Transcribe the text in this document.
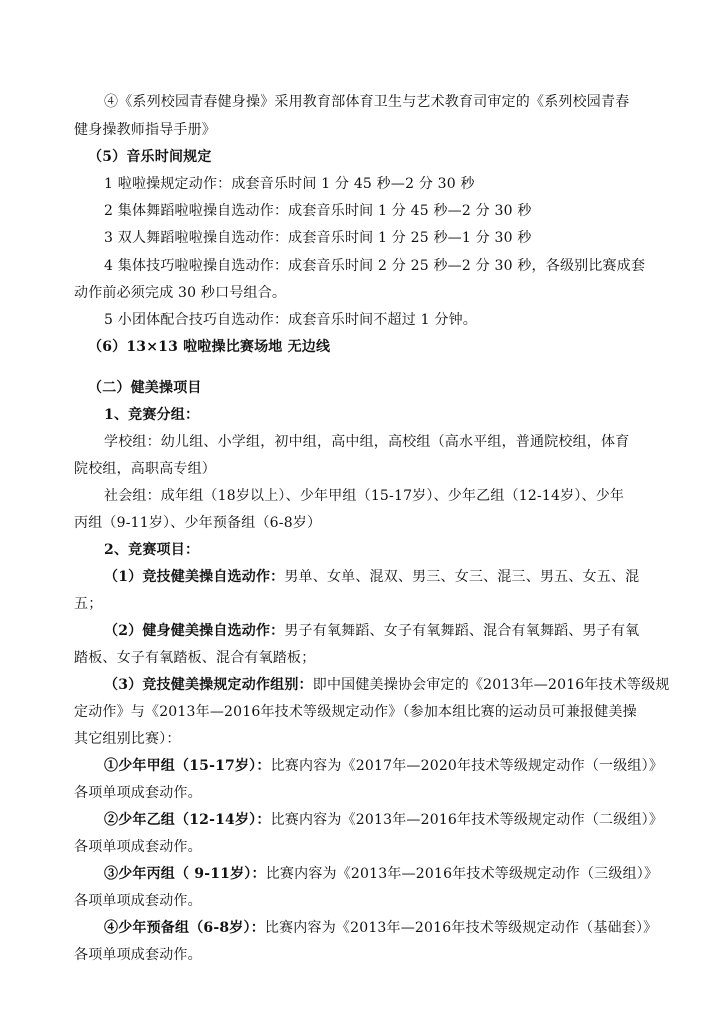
④《系列校园青春健身操》采用教育部体育卫生与艺术教育司审定的《系列校园青春
健身操教师指导手册》
（5）音乐时间规定
1 啦啦操规定动作：成套音乐时间 1 分 45 秒—2 分 30 秒
2 集体舞蹈啦啦操自选动作：成套音乐时间 1 分 45 秒—2 分 30 秒
3 双人舞蹈啦啦操自选动作：成套音乐时间 1 分 25 秒—1 分 30 秒
4 集体技巧啦啦操自选动作：成套音乐时间 2 分 25 秒—2 分 30 秒，各级别比赛成套
动作前必须完成 30 秒口号组合。
5 小团体配合技巧自选动作：成套音乐时间不超过 1 分钟。
（6）13×13 啦啦操比赛场地 无边线
（二）健美操项目
1、竞赛分组：
学校组：幼儿组、小学组，初中组，高中组，高校组（高水平组，普通院校组，体育
院校组，高职高专组）
社会组：成年组（18岁以上）、少年甲组（15-17岁）、少年乙组（12-14岁）、少年
丙组（9-11岁）、少年预备组（6-8岁）
2、竞赛项目：
（1）竞技健美操自选动作：男单、女单、混双、男三、女三、混三、男五、女五、混
五；
（2）健身健美操自选动作：男子有氧舞蹈、女子有氧舞蹈、混合有氧舞蹈、男子有氧
踏板、女子有氧踏板、混合有氧踏板；
（3）竞技健美操规定动作组别：即中国健美操协会审定的《2013年—2016年技术等级规
定动作》与《2013年—2016年技术等级规定动作》（参加本组比赛的运动员可兼报健美操
其它组别比赛）：
①少年甲组（15-17岁）：比赛内容为《2017年—2020年技术等级规定动作（一级组）》
各项单项成套动作。
②少年乙组（12-14岁）：比赛内容为《2013年—2016年技术等级规定动作（二级组）》
各项单项成套动作。
③少年丙组（ 9-11岁）：比赛内容为《2013年—2016年技术等级规定动作（三级组）》
各项单项成套动作。
④少年预备组（6-8岁）：比赛内容为《2013年—2016年技术等级规定动作（基础套）》
各项单项成套动作。
